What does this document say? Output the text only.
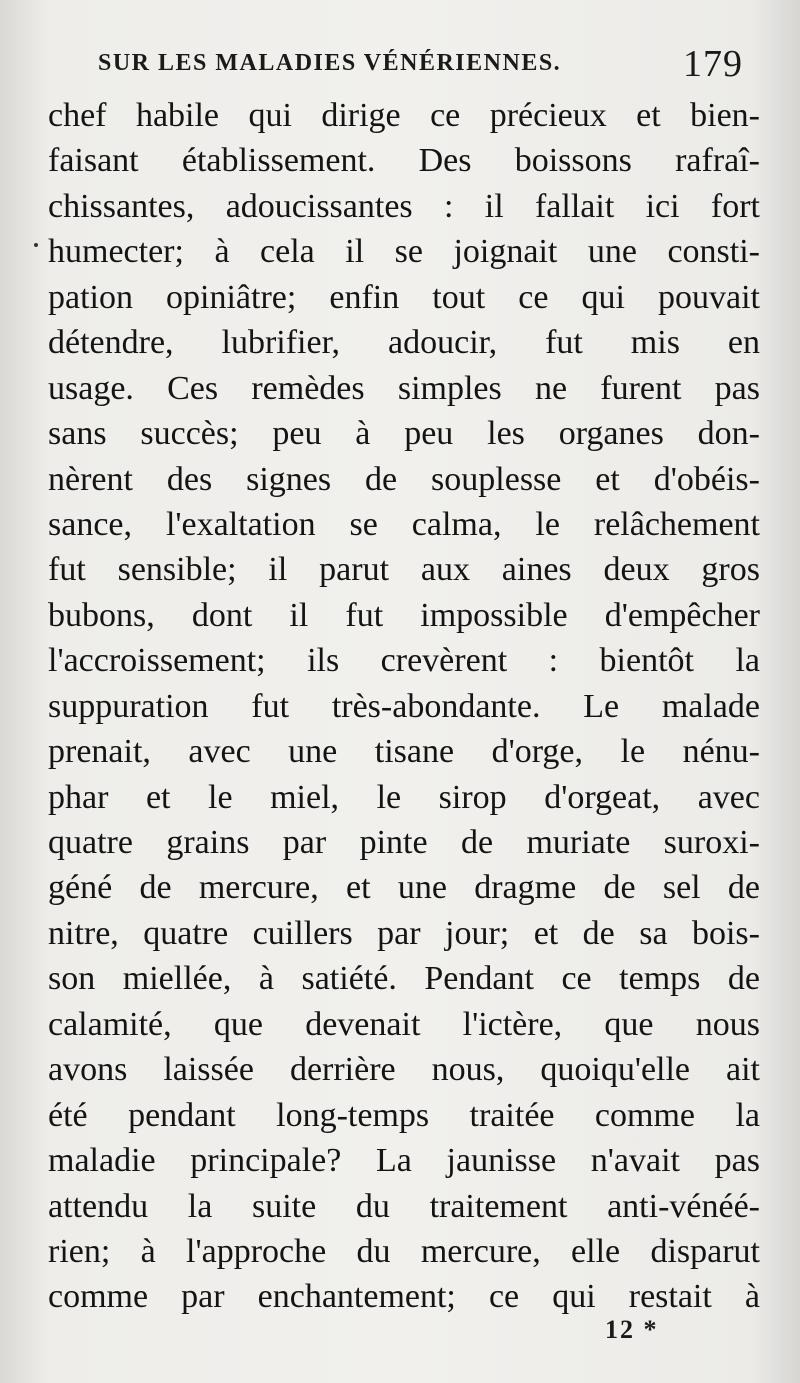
SUR LES MALADIES VÉNÉRIENNES.	179
chef habile qui dirige ce précieux et bien-
faisant établissement. Des boissons rafraî-
chissantes, adoucissantes : il fallait ici fort
humecter; à cela il se joignait une consti-
pation opiniâtre; enfin tout ce qui pouvait
détendre, lubrifier, adoucir, fut mis en
usage. Ces remèdes simples ne furent pas
sans succès; peu à peu les organes don-
nèrent des signes de souplesse et d'obéis-
sance, l'exaltation se calma, le relâchement
fut sensible; il parut aux aines deux gros
bubons, dont il fut impossible d'empêcher
l'accroissement; ils crevèrent : bientôt la
suppuration fut très-abondante. Le malade
prenait, avec une tisane d'orge, le nénu-
phar et le miel, le sirop d'orgeat, avec
quatre grains par pinte de muriate suroxi-
géné de mercure, et une dragme de sel de
nitre, quatre cuillers par jour; et de sa bois-
son miellée, à satiété. Pendant ce temps de
calamité, que devenait l'ictère, que nous
avons laissée derrière nous, quoiqu'elle ait
été pendant long-temps traitée comme la
maladie principale? La jaunisse n'avait pas
attendu la suite du traitement anti-vénéé-
rien; à l'approche du mercure, elle disparut
comme par enchantement; ce qui restait à
12 *
